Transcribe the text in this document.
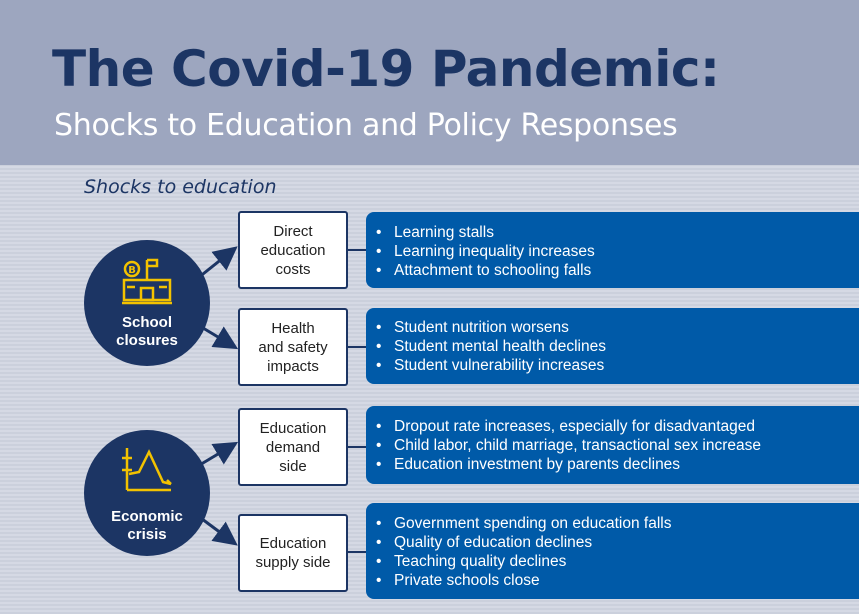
The Covid-19 Pandemic:
Shocks to Education and Policy Responses
Shocks to education
B
School
closures
Economic
crisis
Direct
education
costs
Health
and safety
impacts
Education
demand
side
Education
supply side
• Learning stalls
• Learning inequality increases
• Attachment to schooling falls
• Student nutrition worsens
• Student mental health declines
• Student vulnerability increases
• Dropout rate increases, especially for disadvantaged
• Child labor, child marriage, transactional sex increase
• Education investment by parents declines
• Government spending on education falls
• Quality of education declines
• Teaching quality declines
• Private schools close
